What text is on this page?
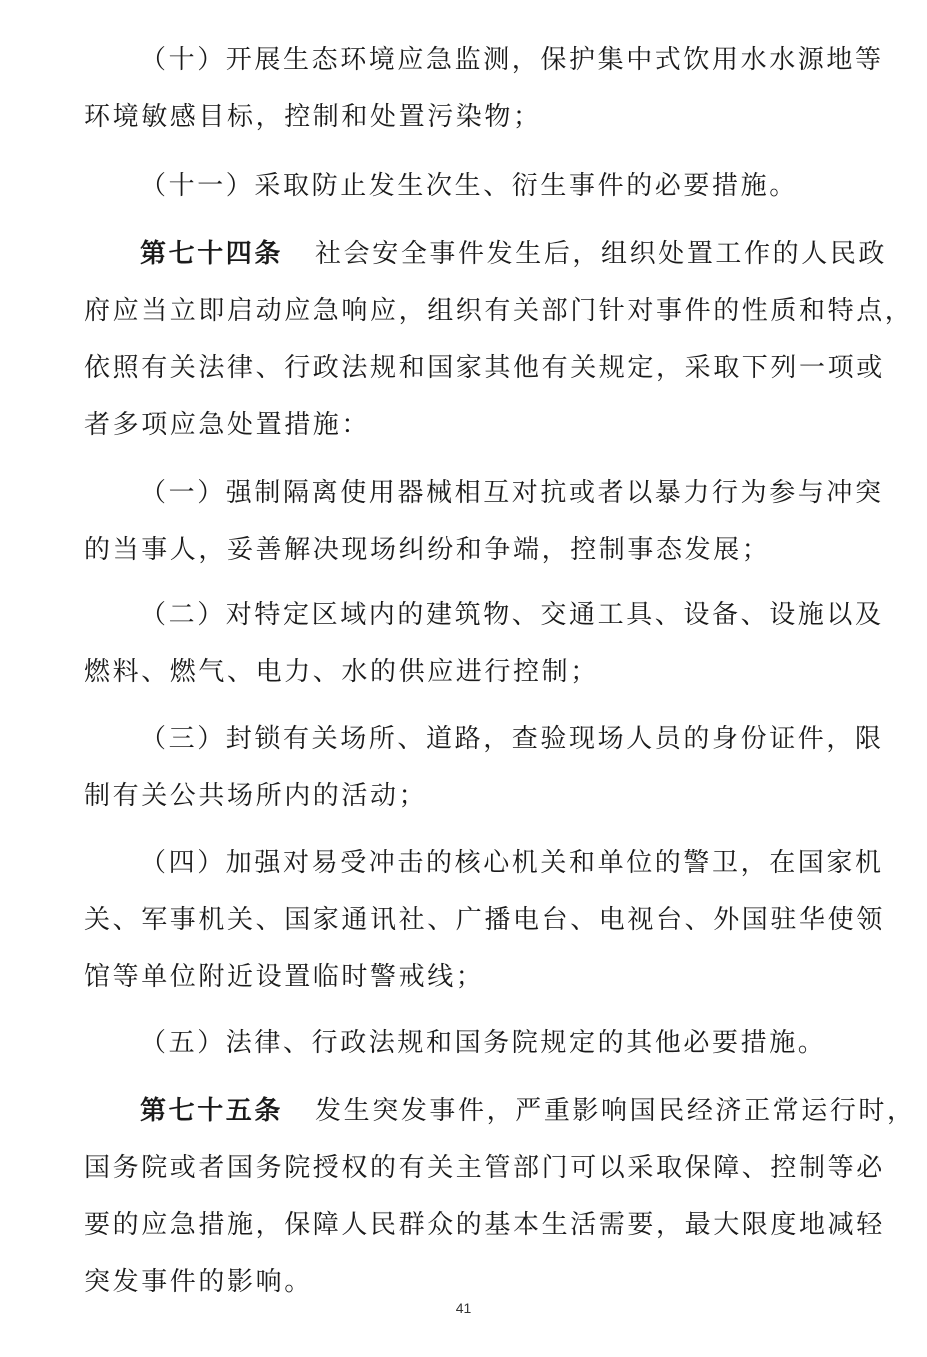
（十）开展生态环境应急监测，保护集中式饮用水水源地等
环境敏感目标，控制和处置污染物；
（十一）采取防止发生次生、衍生事件的必要措施。
第七十四条 社会安全事件发生后，组织处置工作的人民政
府应当立即启动应急响应，组织有关部门针对事件的性质和特点，
依照有关法律、行政法规和国家其他有关规定，采取下列一项或
者多项应急处置措施：
（一）强制隔离使用器械相互对抗或者以暴力行为参与冲突
的当事人，妥善解决现场纠纷和争端，控制事态发展；
（二）对特定区域内的建筑物、交通工具、设备、设施以及
燃料、燃气、电力、水的供应进行控制；
（三）封锁有关场所、道路，查验现场人员的身份证件，限
制有关公共场所内的活动；
（四）加强对易受冲击的核心机关和单位的警卫，在国家机
关、军事机关、国家通讯社、广播电台、电视台、外国驻华使领
馆等单位附近设置临时警戒线；
（五）法律、行政法规和国务院规定的其他必要措施。
第七十五条 发生突发事件，严重影响国民经济正常运行时，
国务院或者国务院授权的有关主管部门可以采取保障、控制等必
要的应急措施，保障人民群众的基本生活需要，最大限度地减轻
突发事件的影响。
41
